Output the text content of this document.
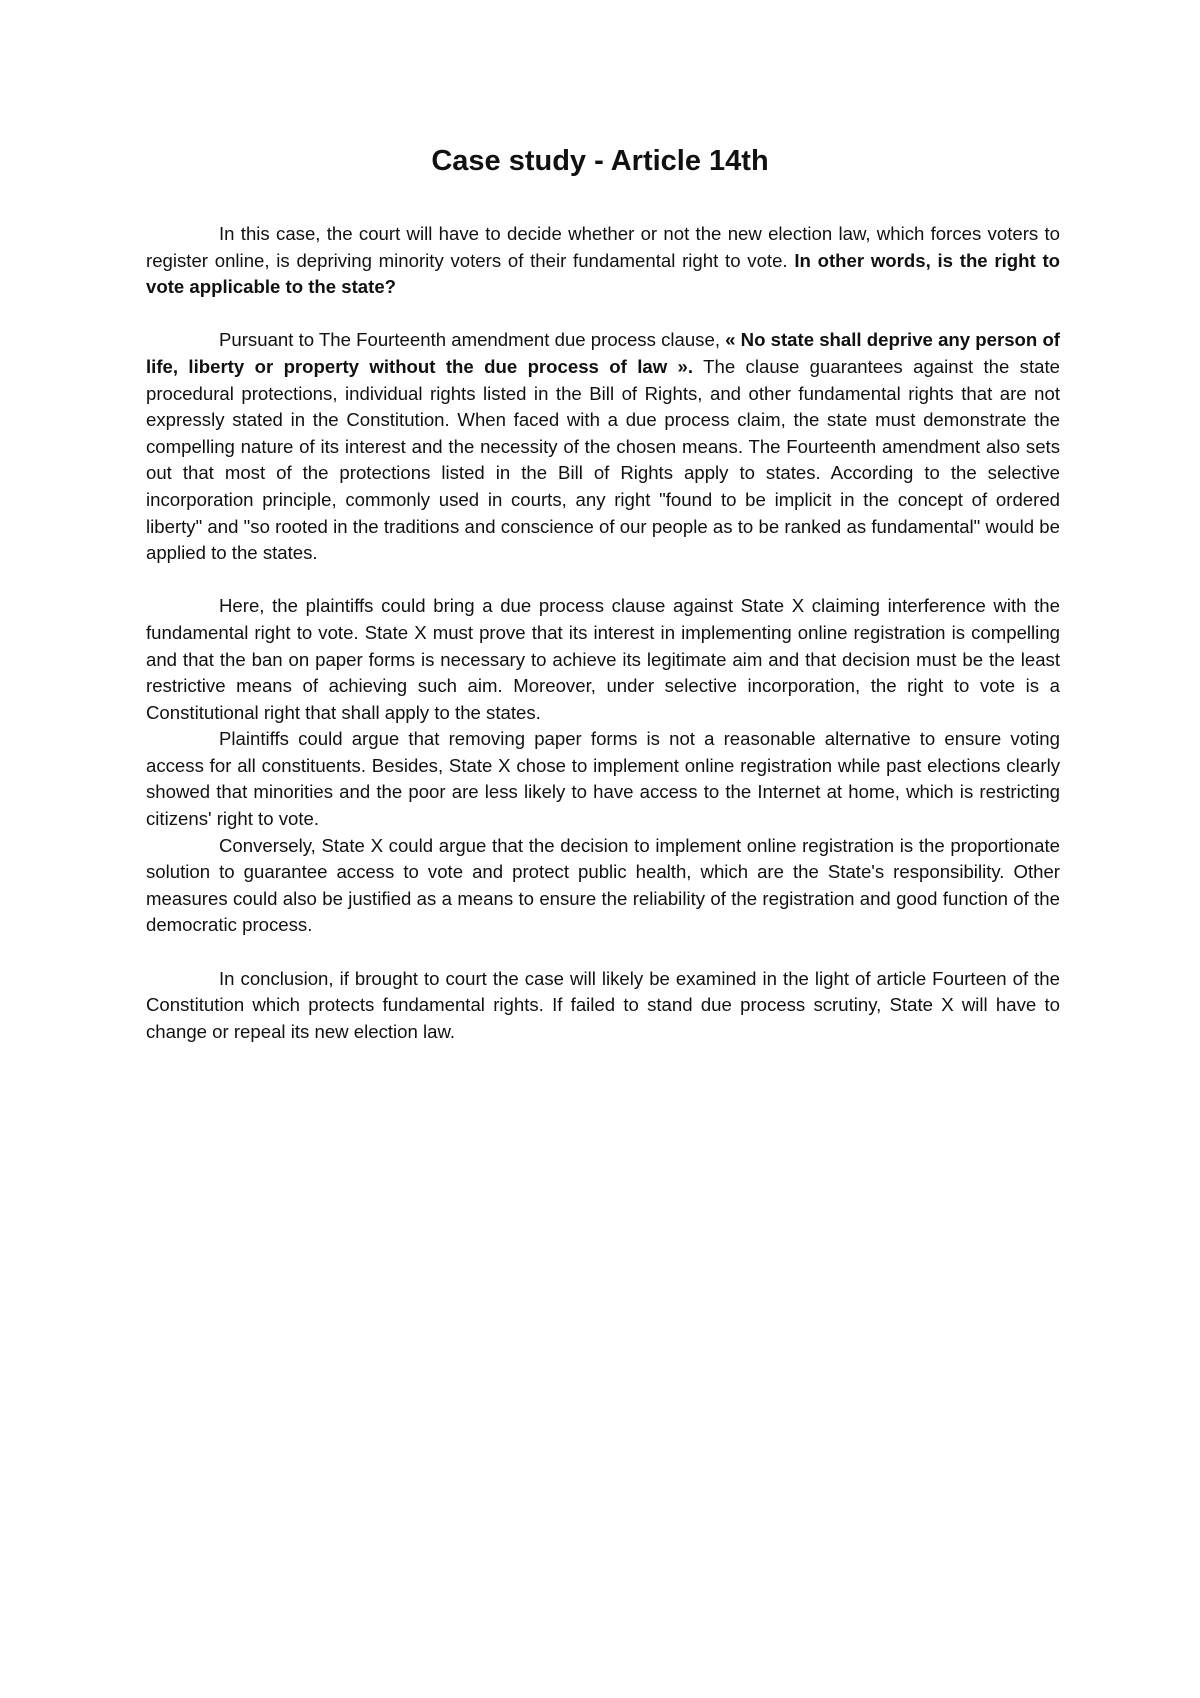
Case study - Article 14th

In this case, the court will have to decide whether or not the new election law, which forces voters to register online, is depriving minority voters of their fundamental right to vote. In other words, is the right to vote applicable to the state?

Pursuant to The Fourteenth amendment due process clause, « No state shall deprive any person of life, liberty or property without the due process of law ». The clause guarantees against the state procedural protections, individual rights listed in the Bill of Rights, and other fundamental rights that are not expressly stated in the Constitution. When faced with a due process claim, the state must demonstrate the compelling nature of its interest and the necessity of the chosen means. The Fourteenth amendment also sets out that most of the protections listed in the Bill of Rights apply to states. According to the selective incorporation principle, commonly used in courts, any right "found to be implicit in the concept of ordered liberty" and "so rooted in the traditions and conscience of our people as to be ranked as fundamental" would be applied to the states.

Here, the plaintiffs could bring a due process clause against State X claiming interference with the fundamental right to vote. State X must prove that its interest in implementing online registration is compelling and that the ban on paper forms is necessary to achieve its legitimate aim and that decision must be the least restrictive means of achieving such aim. Moreover, under selective incorporation, the right to vote is a Constitutional right that shall apply to the states.

Plaintiffs could argue that removing paper forms is not a reasonable alternative to ensure voting access for all constituents. Besides, State X chose to implement online registration while past elections clearly showed that minorities and the poor are less likely to have access to the Internet at home, which is restricting citizens' right to vote.

Conversely, State X could argue that the decision to implement online registration is the proportionate solution to guarantee access to vote and protect public health, which are the State's responsibility. Other measures could also be justified as a means to ensure the reliability of the registration and good function of the democratic process.

In conclusion, if brought to court the case will likely be examined in the light of article Fourteen of the Constitution which protects fundamental rights. If failed to stand due process scrutiny, State X will have to change or repeal its new election law.
